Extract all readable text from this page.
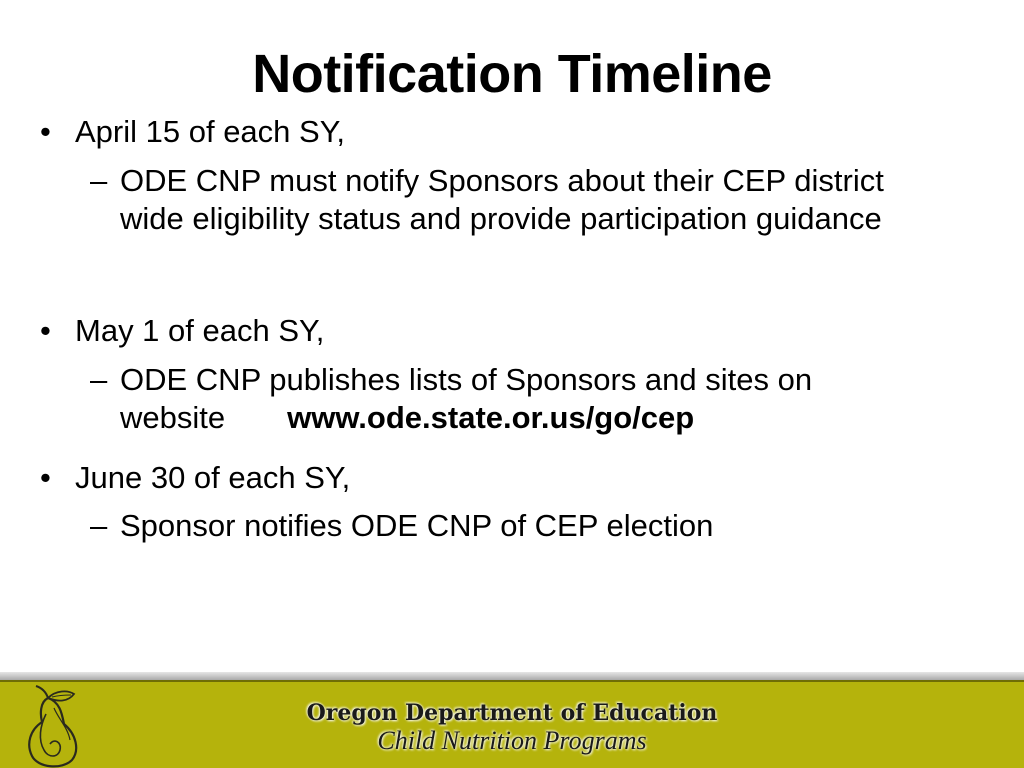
Notification Timeline
• April 15 of each SY,
– ODE CNP must notify Sponsors about their CEP district wide eligibility status and provide participation guidance
• May 1 of each SY,
– ODE CNP publishes lists of Sponsors and sites on website www.ode.state.or.us/go/cep
• June 30 of each SY,
– Sponsor notifies ODE CNP of CEP election
Oregon Department of Education
Child Nutrition Programs
